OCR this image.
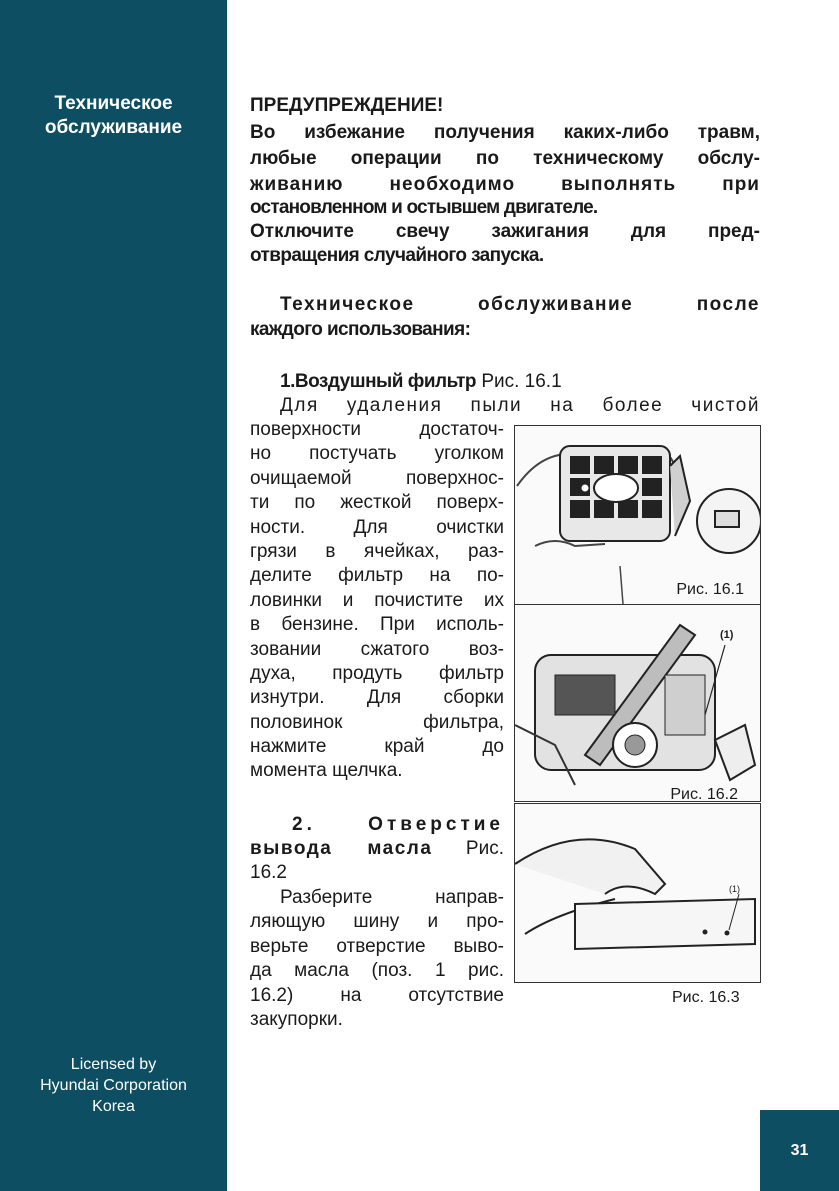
Техническое
обслуживание
Licensed by
Hyundai Corporation
Korea
31
ПРЕДУПРЕЖДЕНИЕ!
Во избежание получения каких-либо травм,
любые операции по техническому обслу-
живанию необходимо выполнять при
остановленном и остывшем двигателе.
Отключите свечу зажигания для пред-
отвращения случайного запуска.
Техническое обслуживание после
каждого использования:
1.Воздушный фильтр Рис. 16.1
Для удаления пыли на более чистой
поверхности достаточ-
но постучать уголком
очищаемой поверхнос-
ти по жесткой поверх-
ности. Для очистки
грязи в ячейках, раз-
делите фильтр на по-
ловинки и почистите их
в бензине. При исполь-
зовании сжатого воз-
духа, продуть фильтр
изнутри. Для сборки
половинок фильтра,
нажмите край до
момента щелчка.
2. Отверстие
вывода масла Рис.
16.2
Разберите направ-
ляющую шину и про-
верьте отверстие выво-
да масла (поз. 1 рис.
16.2) на отсутствие
закупорки.
Рис. 16.1
(1)
Рис. 16.2
(1)
Рис. 16.3
